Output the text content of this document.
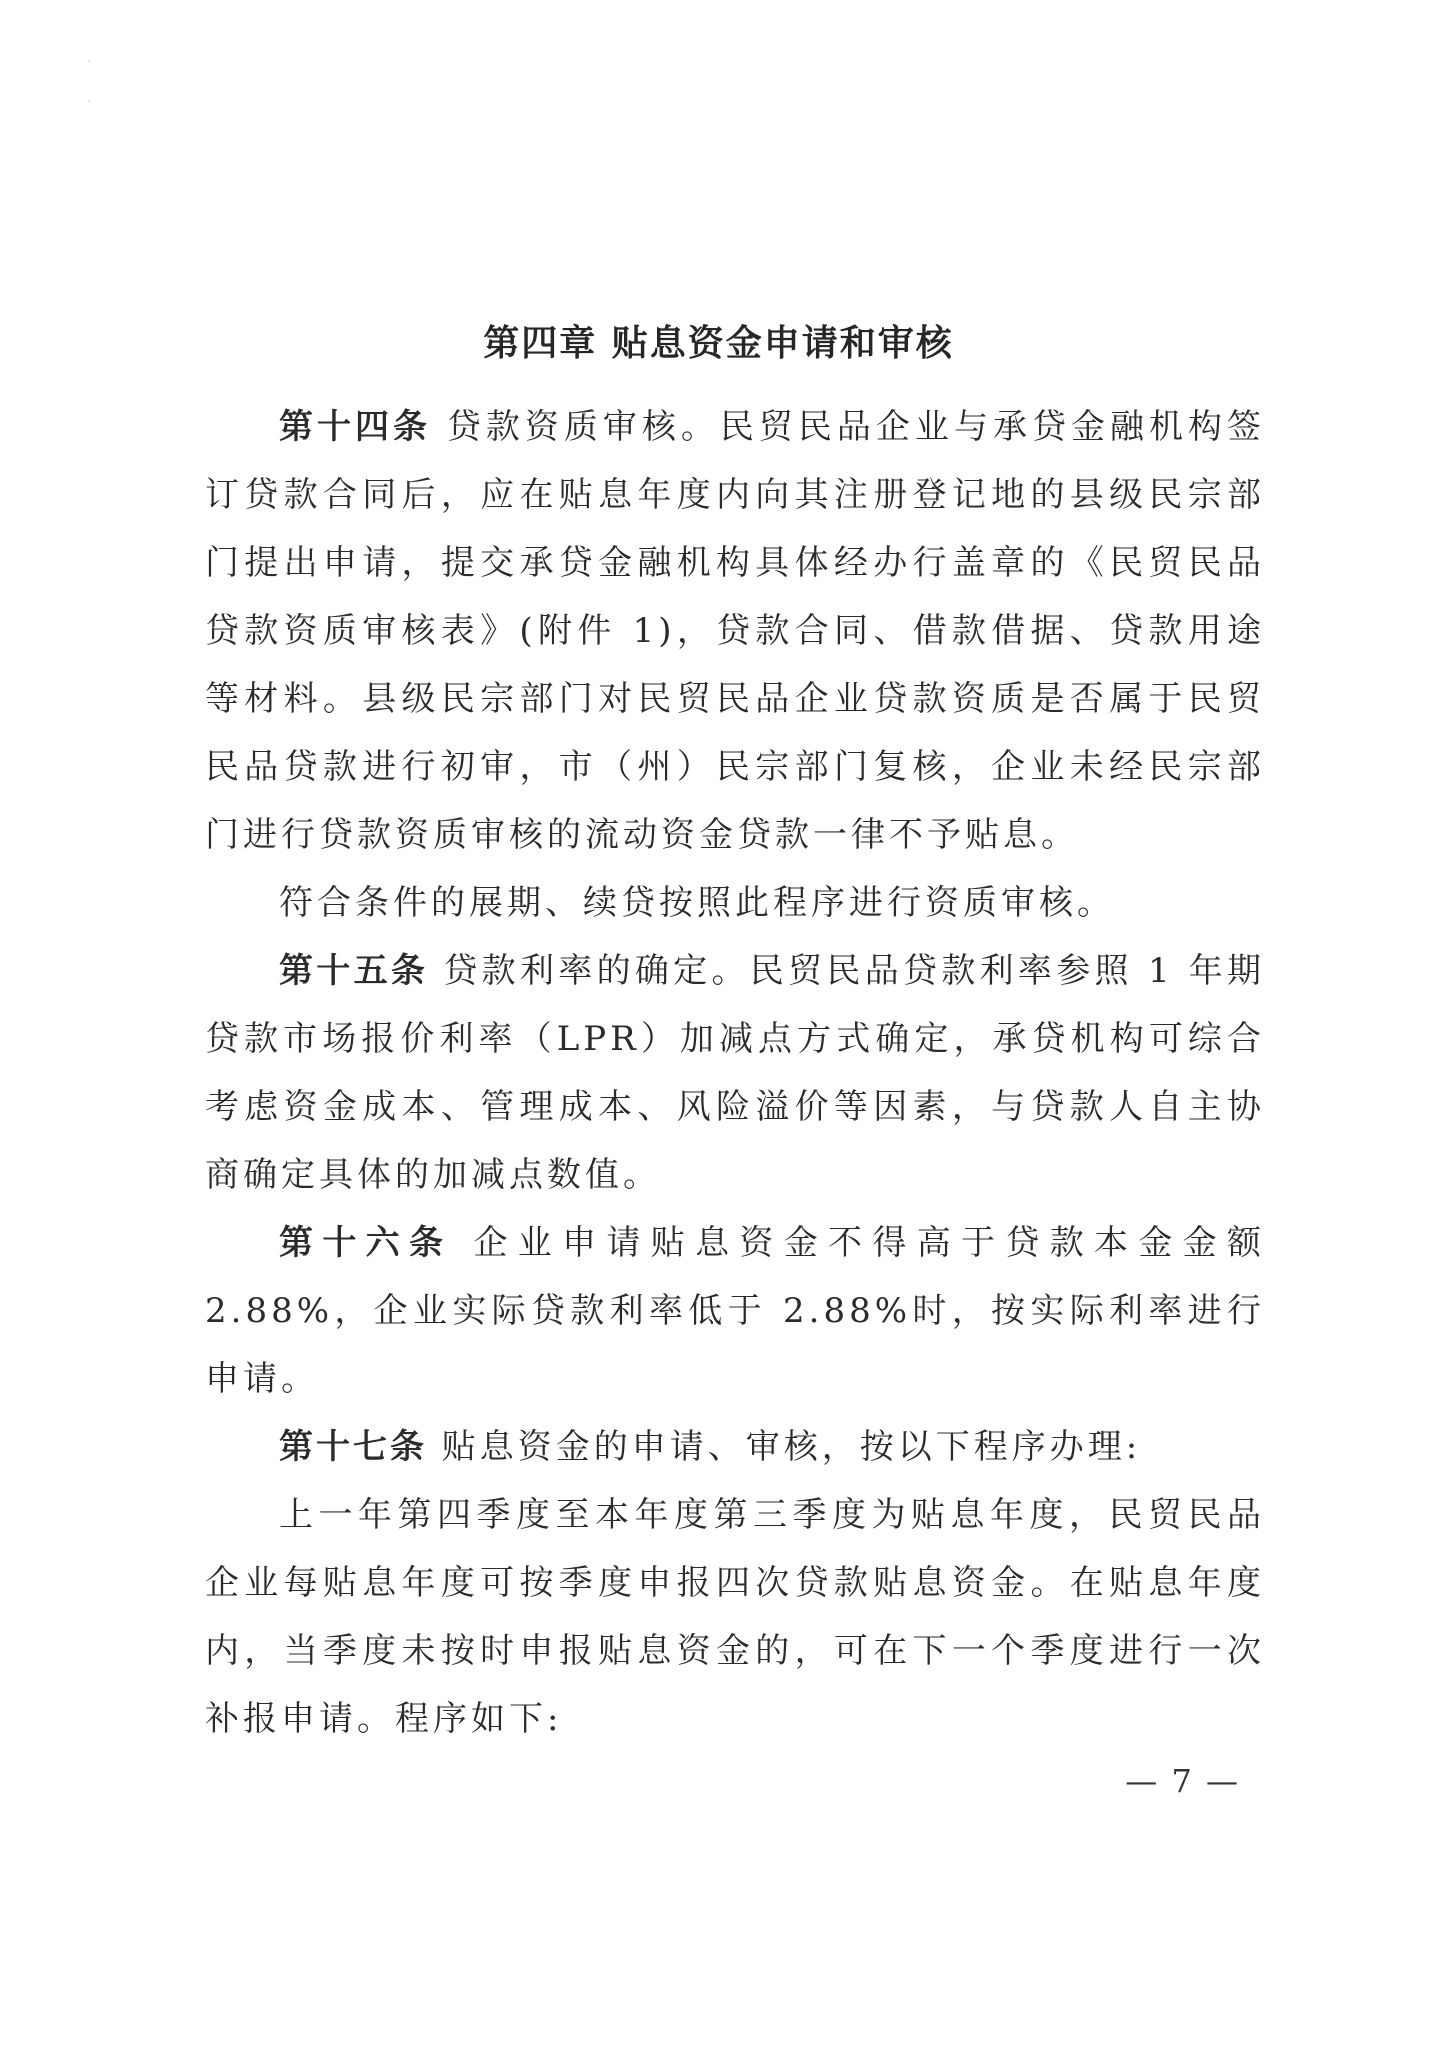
第四章 贴息资金申请和审核

第十四条 贷款资质审核。民贸民品企业与承贷金融机构签订贷款合同后，应在贴息年度内向其注册登记地的县级民宗部门提出申请，提交承贷金融机构具体经办行盖章的《民贸民品贷款资质审核表》(附件 1)，贷款合同、借款借据、贷款用途等材料。县级民宗部门对民贸民品企业贷款资质是否属于民贸民品贷款进行初审，市（州）民宗部门复核，企业未经民宗部门进行贷款资质审核的流动资金贷款一律不予贴息。

符合条件的展期、续贷按照此程序进行资质审核。

第十五条 贷款利率的确定。民贸民品贷款利率参照 1 年期贷款市场报价利率（LPR）加减点方式确定，承贷机构可综合考虑资金成本、管理成本、风险溢价等因素，与贷款人自主协商确定具体的加减点数值。

第十六条 企业申请贴息资金不得高于贷款本金金额 2.88%，企业实际贷款利率低于 2.88%时，按实际利率进行申请。

第十七条 贴息资金的申请、审核，按以下程序办理:

上一年第四季度至本年度第三季度为贴息年度，民贸民品企业每贴息年度可按季度申报四次贷款贴息资金。在贴息年度内，当季度未按时申报贴息资金的，可在下一个季度进行一次补报申请。程序如下:

— 7 —
